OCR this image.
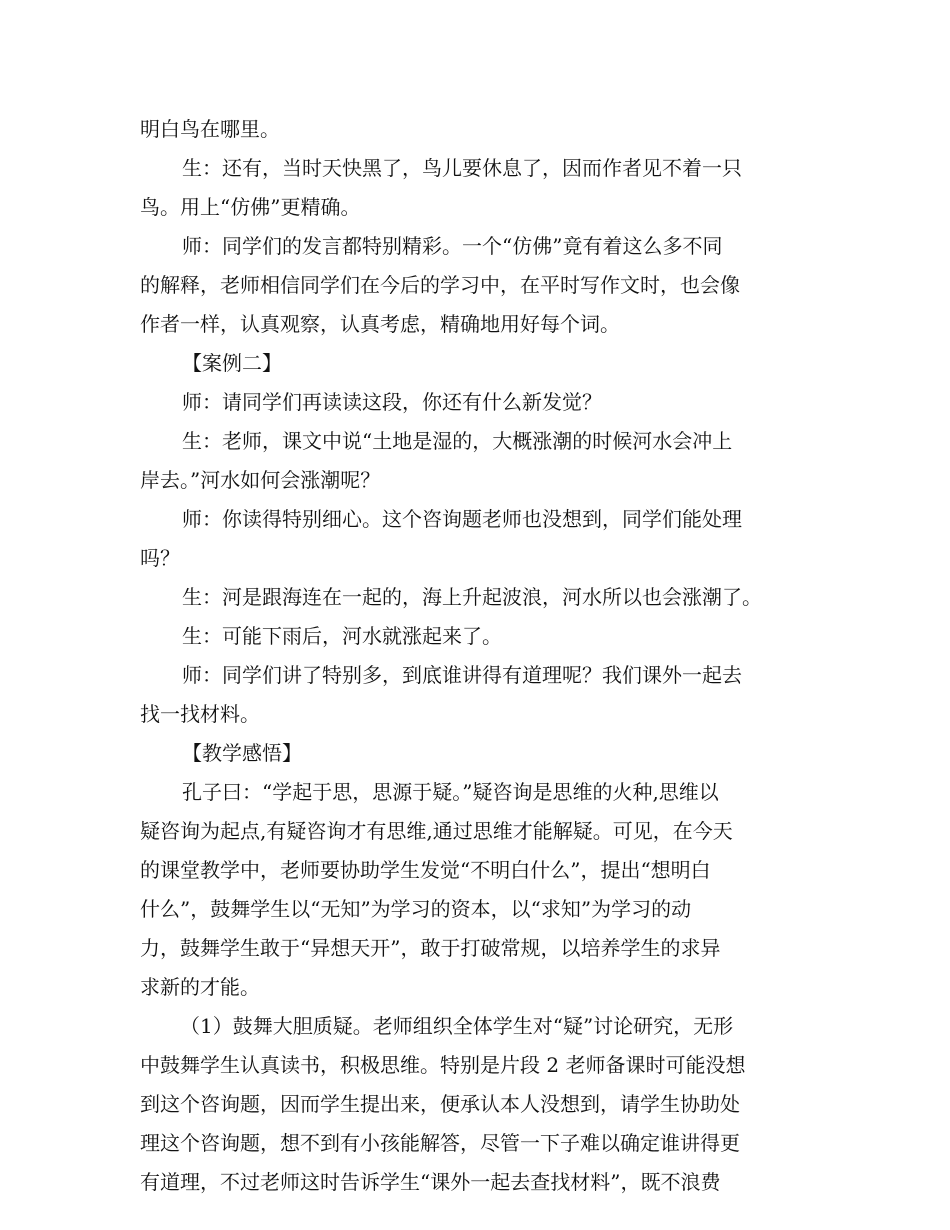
明白鸟在哪里。
生：还有，当时天快黑了，鸟儿要休息了，因而作者见不着一只
鸟。用上“仿佛”更精确。
师：同学们的发言都特别精彩。一个“仿佛”竟有着这么多不同
的解释，老师相信同学们在今后的学习中，在平时写作文时，也会像
作者一样，认真观察，认真考虑，精确地用好每个词。
【案例二】
师：请同学们再读读这段，你还有什么新发觉？
生：老师，课文中说“土地是湿的，大概涨潮的时候河水会冲上
岸去。”河水如何会涨潮呢？
师：你读得特别细心。这个咨询题老师也没想到，同学们能处理
吗？
生：河是跟海连在一起的，海上升起波浪，河水所以也会涨潮了。
生：可能下雨后，河水就涨起来了。
师：同学们讲了特别多，到底谁讲得有道理呢？我们课外一起去
找一找材料。
【教学感悟】
孔子曰：“学起于思，思源于疑。”疑咨询是思维的火种,思维以
疑咨询为起点,有疑咨询才有思维,通过思维才能解疑。可见，在今天
的课堂教学中，老师要协助学生发觉“不明白什么”，提出“想明白
什么”，鼓舞学生以“无知”为学习的资本，以“求知”为学习的动
力，鼓舞学生敢于“异想天开”，敢于打破常规，以培养学生的求异
求新的才能。
（1）鼓舞大胆质疑。老师组织全体学生对“疑”讨论研究，无形
中鼓舞学生认真读书，积极思维。特别是片段 2 老师备课时可能没想
到这个咨询题，因而学生提出来，便承认本人没想到，请学生协助处
理这个咨询题，想不到有小孩能解答，尽管一下子难以确定谁讲得更
有道理，不过老师这时告诉学生“课外一起去查找材料”，既不浪费
